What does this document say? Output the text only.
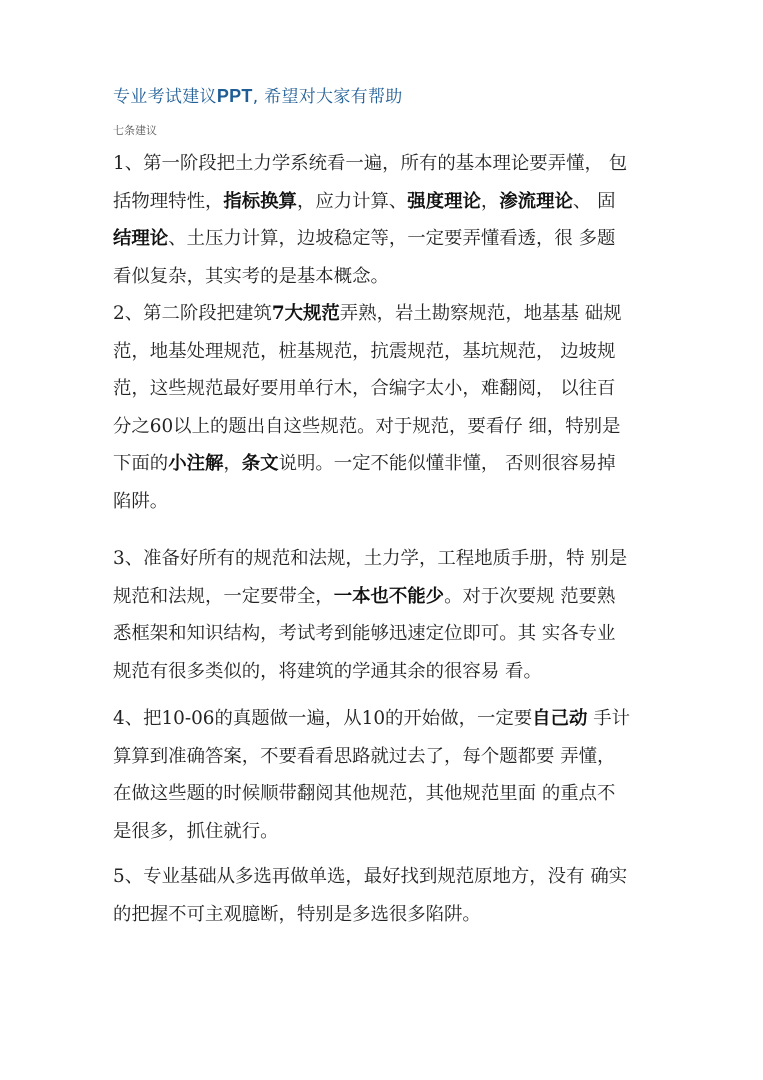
专业考试建议PPT, 希望对大家有帮助
七条建议
1、第一阶段把土力学系统看一遍，所有的基本理论要弄懂， 包
括物理特性，指标换算，应力计算、强度理论，渗流理论、 固
结理论、土压力计算，边坡稳定等，一定要弄懂看透，很 多题
看似复杂，其实考的是基本概念。
2、第二阶段把建筑7大规范弄熟，岩土勘察规范，地基基 础规
范，地基处理规范，桩基规范，抗震规范，基坑规范， 边坡规
范，这些规范最好要用单行木，合编字太小，难翻阅， 以往百
分之60以上的题出自这些规范。对于规范，要看仔 细，特别是
下面的小注解，条文说明。一定不能似懂非懂， 否则很容易掉
陷阱。
3、准备好所有的规范和法规，土力学，工程地质手册，特 别是
规范和法规，一定要带全，一本也不能少。对于次要规 范要熟
悉框架和知识结构，考试考到能够迅速定位即可。其 实各专业
规范有很多类似的，将建筑的学通其余的很容易 看。
4、把10-06的真题做一遍，从10的开始做，一定要自己动 手计
算算到准确答案，不要看看思路就过去了，每个题都要 弄懂，
在做这些题的时候顺带翻阅其他规范，其他规范里面 的重点不
是很多，抓住就行。
5、专业基础从多选再做单选，最好找到规范原地方，没有 确实
的把握不可主观臆断，特别是多选很多陷阱。
